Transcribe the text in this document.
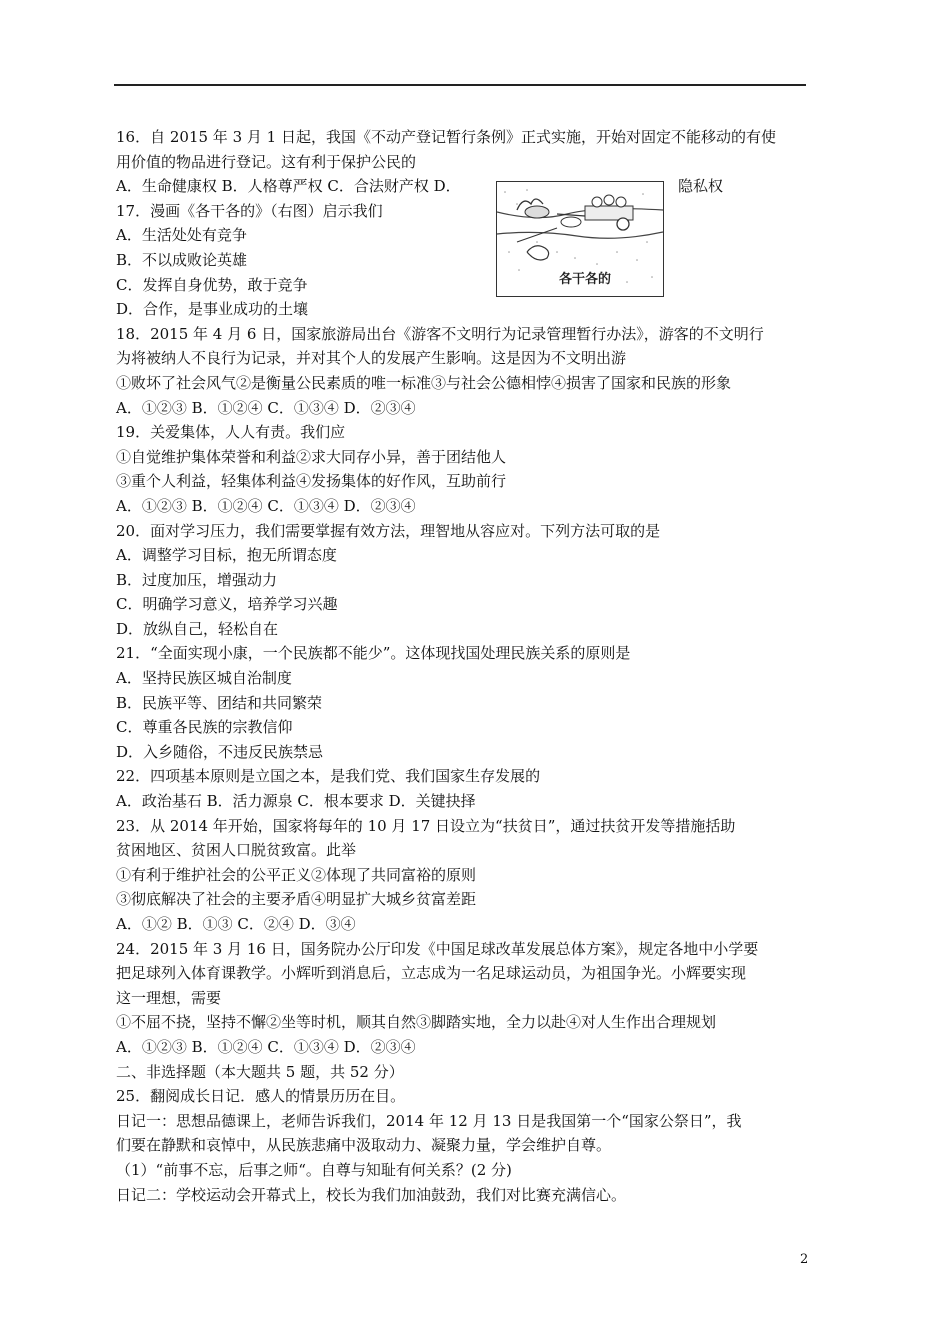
各干各的
16．自 2015 年 3 月 1 日起，我国《不动产登记暂行条例》正式实施，开始对固定不能移动的有使
用价值的物品进行登记。这有利于保护公民的
A．生命健康权 B．人格尊严权 C．合法财产权 D．	隐私权
17．漫画《各干各的》（右图）启示我们
A．生活处处有竞争
B．不以成败论英雄
C．发挥自身优势，敢于竞争
D．合作，是事业成功的土壤
18．2015 年 4 月 6 日，国家旅游局出台《游客不文明行为记录管理暂行办法》，游客的不文明行
为将被纳人不良行为记录，并对其个人的发展产生影响。这是因为不文明出游
①败坏了社会风气②是衡量公民素质的唯一标准③与社会公德相悖④损害了国家和民族的形象
A．①②③ B．①②④ C．①③④ D．②③④
19．关爱集体，人人有责。我们应
①自觉维护集体荣誉和利益②求大同存小异，善于团结他人
③重个人利益，轻集体利益④发扬集体的好作风，互助前行
A．①②③ B．①②④ C．①③④ D．②③④
20．面对学习压力，我们需要掌握有效方法，理智地从容应对。下列方法可取的是
A．调整学习目标，抱无所谓态度
B．过度加压，增强动力
C．明确学习意义，培养学习兴趣
D．放纵自己，轻松自在
21．“全面实现小康，一个民族都不能少”。这体现找国处理民族关系的原则是
A．坚持民族区城自治制度
B．民族平等、团结和共同繁荣
C．尊重各民族的宗教信仰
D．入乡随俗，不违反民族禁忌
22．四项基本原则是立国之本，是我们党、我们国家生存发展的
A．政治基石 B．活力源泉 C．根本要求 D．关键抉择
23．从 2014 年开始，国家将每年的 10 月 17 日设立为“扶贫日”，通过扶贫开发等措施括助
贫困地区、贫困人口脱贫致富。此举
①有利于维护社会的公平正义②体现了共同富裕的原则
③彻底解决了社会的主要矛盾④明显扩大城乡贫富差距
A．①② B．①③ C．②④ D．③④
24．2015 年 3 月 16 日，国务院办公厅印发《中国足球改革发展总体方案》，规定各地中小学要
把足球列入体育课教学。小辉听到消息后，立志成为一名足球运动员，为祖国争光。小辉要实现
这一理想，需要
①不屈不挠，坚持不懈②坐等时机，顺其自然③脚踏实地，全力以赴④对人生作出合理规划
A．①②③ B．①②④ C．①③④ D．②③④
二、非选择题（本大题共 5 题，共 52 分）
25．翻阅成长日记．感人的情景历历在目。
日记一：思想品德课上，老师告诉我们，2014 年 12 月 13 日是我国第一个“国家公祭日”，我
们要在静默和哀悼中，从民族悲痛中汲取动力、凝聚力量，学会维护自尊。
（1）“前事不忘，后事之师“。自尊与知耻有何关系？(2 分)
日记二：学校运动会开幕式上，校长为我们加油鼓劲，我们对比赛充满信心。
2
